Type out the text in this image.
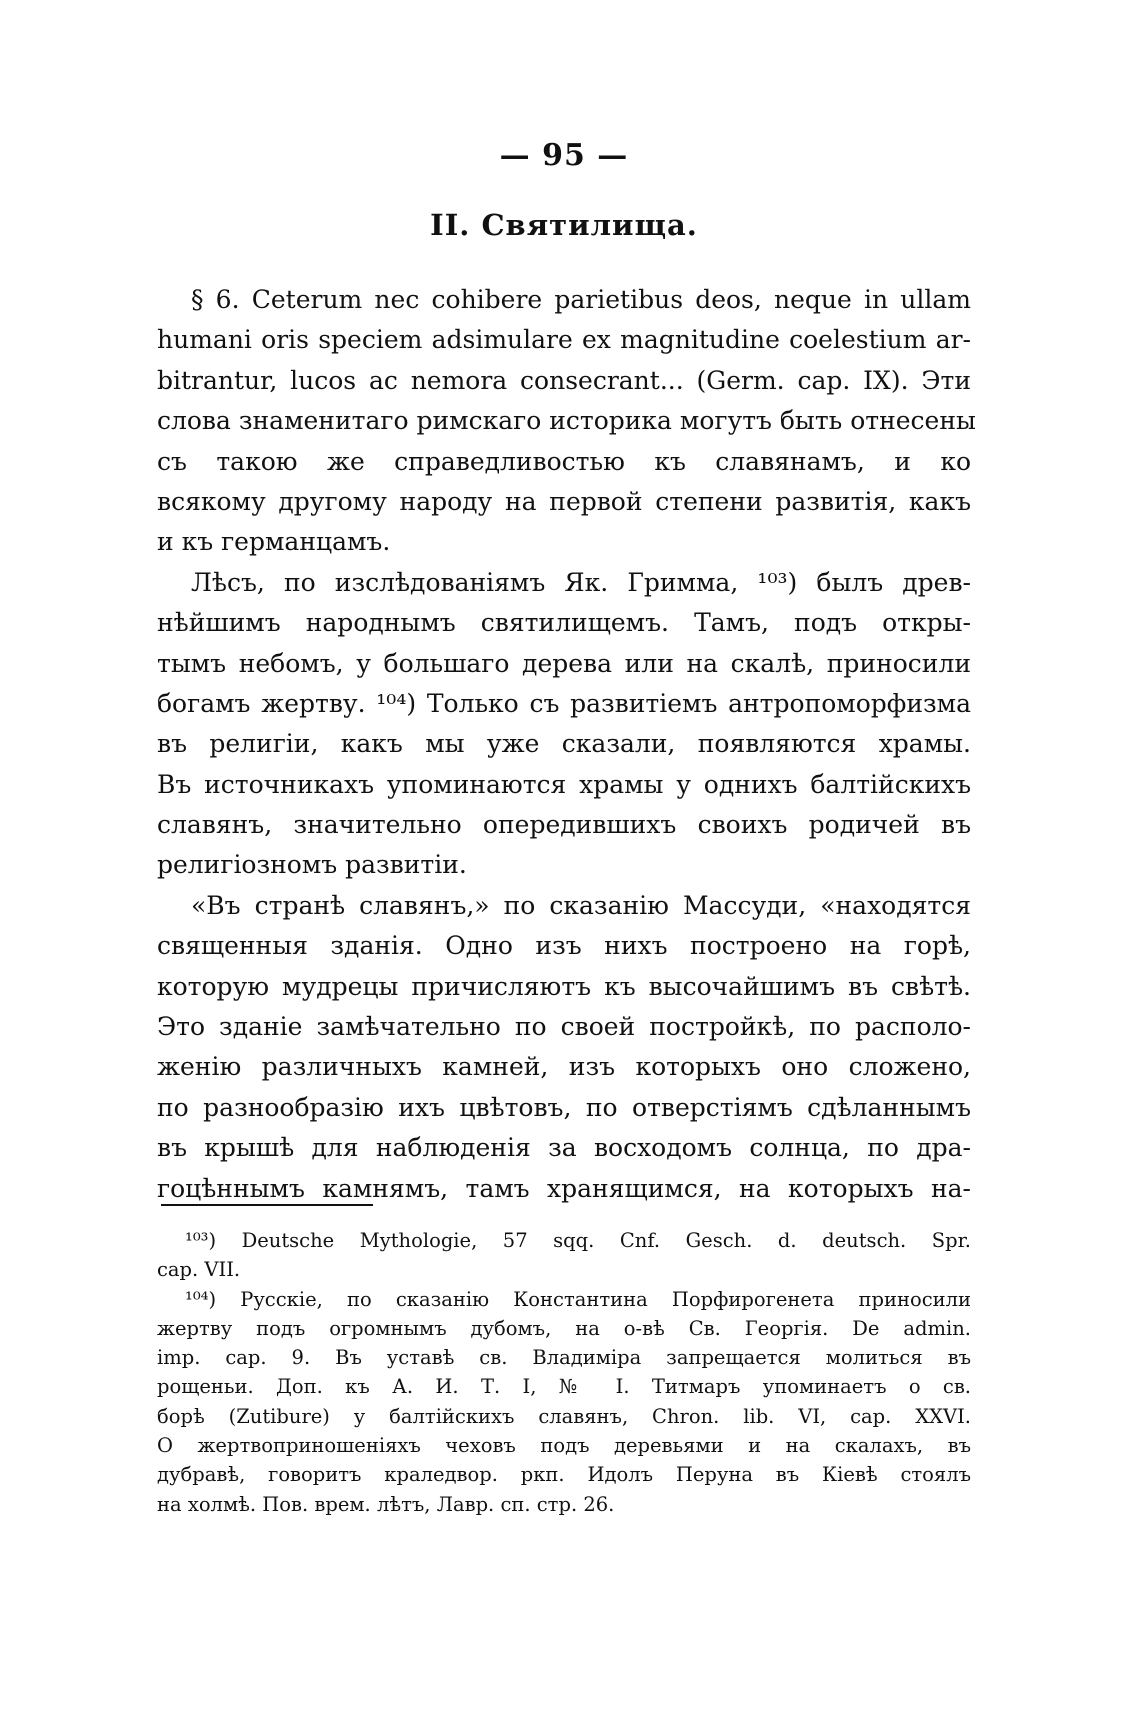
— 95 —
II. Святилища.
§ 6. Ceterum nec cohibere parietibus deos, neque in ullam
humani oris speciem adsimulare ex magnitudine coelestium ar-
bitrantur, lucos ac nemora consecrant... (Germ. cap. IX). Эти
слова знаменитаго римскаго историка могутъ быть отнесены
съ такою же справедливостью къ славянамъ, и ко
всякому другому народу на первой степени развитія, какъ
и къ германцамъ.
Лѣсъ, по изслѣдованіямъ Як. Гримма, ¹⁰³) былъ древ-
нѣйшимъ народнымъ святилищемъ. Тамъ, подъ откры-
тымъ небомъ, у большаго дерева или на скалѣ, приносили
богамъ жертву. ¹⁰⁴) Только съ развитіемъ антропоморфизма
въ религіи, какъ мы уже сказали, появляются храмы.
Въ источникахъ упоминаются храмы у однихъ балтійскихъ
славянъ, значительно опередившихъ своихъ родичей въ
религіозномъ развитіи.
«Въ странѣ славянъ,» по сказанію Массуди, «находятся
священныя зданія. Одно изъ нихъ построено на горѣ,
которую мудрецы причисляютъ къ высочайшимъ въ свѣтѣ.
Это зданіе замѣчательно по своей постройкѣ, по располо-
женію различныхъ камней, изъ которыхъ оно сложено,
по разнообразію ихъ цвѣтовъ, по отверстіямъ сдѣланнымъ
въ крышѣ для наблюденія за восходомъ солнца, по дра-
гоцѣннымъ камнямъ, тамъ хранящимся, на которыхъ на-
¹⁰³) Deutsche Mythologie, 57 sqq. Cnf. Gesch. d. deutsch. Spr.
cap. VII.
¹⁰⁴) Русскіе, по сказанію Константина Порфирогенета приносили
жертву подъ огромнымъ дубомъ, на о-вѣ Св. Георгія. De admin.
imp. cap. 9. Въ уставѣ св. Владиміра запрещается молиться въ
рощеньи. Доп. къ А. И. Т. I, № I. Титмаръ упоминаетъ о св.
борѣ (Zutibure) у балтійскихъ славянъ, Chron. lib. VI, cap. XXVI.
О жертвоприношеніяхъ чеховъ подъ деревьями и на скалахъ, въ
дубравѣ, говоритъ краледвор. ркп. Идолъ Перуна въ Кіевѣ стоялъ
на холмѣ. Пов. врем. лѣтъ, Лавр. сп. стр. 26.
